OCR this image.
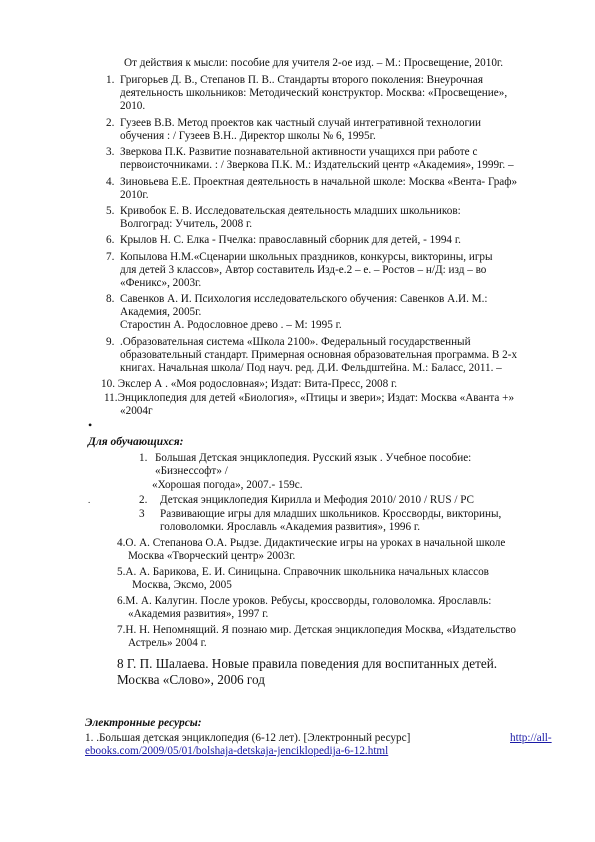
От действия к мысли: пособие для учителя 2-ое изд. – М.: Просвещение, 2010г.
1. Григорьев Д. В., Степанов П. В.. Стандарты второго поколения: Внеурочная
деятельность школьников: Методический конструктор. Москва: «Просвещение»,
2010.
2. Гузеев В.В. Метод проектов как частный случай интегративной технологии
обучения : / Гузеев В.Н.. Директор школы № 6, 1995г.
3. Зверкова П.К. Развитие познавательной активности учащихся при работе с
первоисточниками. : / Зверкова П.К. М.: Издательский центр «Академия», 1999г. –
4. Зиновьева Е.Е. Проектная деятельность в начальной школе: Москва «Вента- Граф»
2010г.
5. Кривобок Е. В. Исследовательская деятельность младших школьников:
Волгоград: Учитель, 2008 г.
6. Крылов Н. С. Елка - Пчелка: православный сборник для детей, - 1994 г.
7. Копылова Н.М.«Сценарии школьных праздников, конкурсы, викторины, игры
для детей 3 классов», Автор составитель Изд-е.2 – е. – Ростов – н/Д: изд – во
«Феникс», 2003г.
8. Савенков А. И. Психология исследовательского обучения: Савенков А.И. М.:
Академия, 2005г.
Старостин А. Родословное древо . – М: 1995 г.
9. .Образовательная система «Школа 2100». Федеральный государственный
образовательный стандарт. Примерная основная образовательная программа. В 2-х
книгах. Начальная школа/ Под науч. ред. Д.И. Фельдштейна. М.: Баласс, 2011. –
10. Экслер А . «Моя родословная»; Издат: Вита-Пресс, 2008 г.
11.Энциклопедия для детей «Биология», «Птицы и звери»; Издат: Москва «Аванта +»
«2004г
•
Для обучающихся:
1. Большая Детская энциклопедия. Русский язык . Учебное пособие:
«Бизнессофт» /
«Хорошая погода», 2007.- 159с.
.	2. Детская энциклопедия Кирилла и Мефодия 2010/ 2010 / RUS / PC
3 Развивающие игры для младших школьников. Кроссворды, викторины,
головоломки. Ярославль «Академия развития», 1996 г.
4.О. А. Степанова О.А. Рыдзе. Дидактические игры на уроках в начальной школе
Москва «Творческий центр» 2003г.
5.А. А. Барикова, Е. И. Синицына. Справочник школьника начальных классов
Москва, Эксмо, 2005
6.М. А. Калугин. После уроков. Ребусы, кроссворды, головоломка. Ярославль:
«Академия развития», 1997 г.
7.Н. Н. Непомнящий. Я познаю мир. Детская энциклопедия Москва, «Издательство
Астрель» 2004 г.
8 Г. П. Шалаева. Новые правила поведения для воспитанных детей.
Москва «Слово», 2006 год
Электронные ресурсы:
1. .Большая детская энциклопедия (6-12 лет). [Электронный ресурс]	http://all-
ebooks.com/2009/05/01/bolshaja-detskaja-jenciklopedija-6-12.html
